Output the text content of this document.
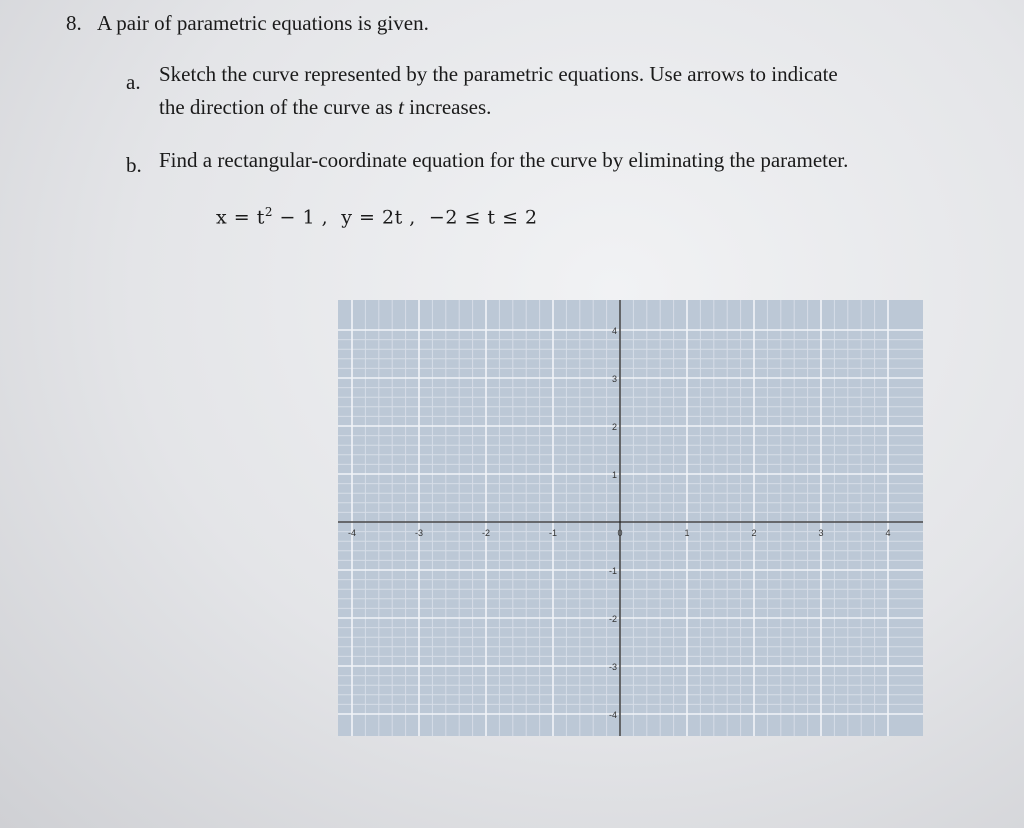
8. A pair of parametric equations is given.
a. Sketch the curve represented by the parametric equations. Use arrows to indicate
the direction of the curve as t increases.
b. Find a rectangular-coordinate equation for the curve by eliminating the parameter.
$x = t^2 - 1$ , y = 2t , −2 ≤ t ≤ 2
-4	-3	-2	-1	0	1	2	3	4
4
3
2
1
-1
-2
-3
-4
